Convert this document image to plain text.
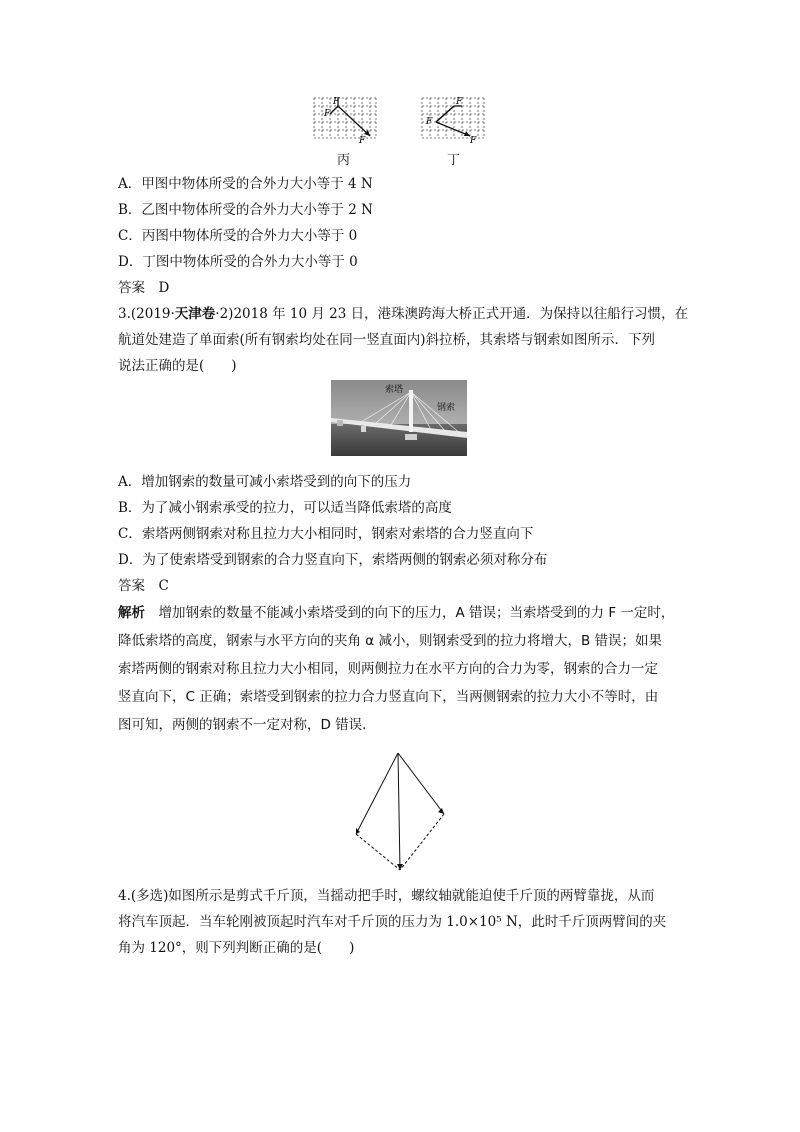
F
F
F
丙
F
F
F
丁
A．甲图中物体所受的合外力大小等于 4 N
B．乙图中物体所受的合外力大小等于 2 N
C．丙图中物体所受的合外力大小等于 0
D．丁图中物体所受的合外力大小等于 0
答案　 D
3.(2019·天津卷·2)2018 年 10 月 23 日，港珠澳跨海大桥正式开通．为保持以往船行习惯，在
航道处建造了单面索(所有钢索均处在同一竖直面内)斜拉桥，其索塔与钢索如图所示．下列
说法正确的是(　　)
索塔
钢索
A．增加钢索的数量可减小索塔受到的向下的压力
B．为了减小钢索承受的拉力，可以适当降低索塔的高度
C．索塔两侧钢索对称且拉力大小相同时，钢索对索塔的合力竖直向下
D．为了使索塔受到钢索的合力竖直向下，索塔两侧的钢索必须对称分布
答案　 C
解析　 增加钢索的数量不能减小索塔受到的向下的压力，A 错误；当索塔受到的力 F 一定时，
降低索塔的高度，钢索与水平方向的夹角 α 减小，则钢索受到的拉力将增大，B 错误；如果
索塔两侧的钢索对称且拉力大小相同，则两侧拉力在水平方向的合力为零，钢索的合力一定
竖直向下，C 正确；索塔受到钢索的拉力合力竖直向下，当两侧钢索的拉力大小不等时，由
图可知，两侧的钢索不一定对称，D 错误．
4.(多选)如图所示是剪式千斤顶，当摇动把手时，螺纹轴就能迫使千斤顶的两臂靠拢，从而
将汽车顶起．当车轮刚被顶起时汽车对千斤顶的压力为 1.0×10⁵ N，此时千斤顶两臂间的夹
角为 120°，则下列判断正确的是(　　)
